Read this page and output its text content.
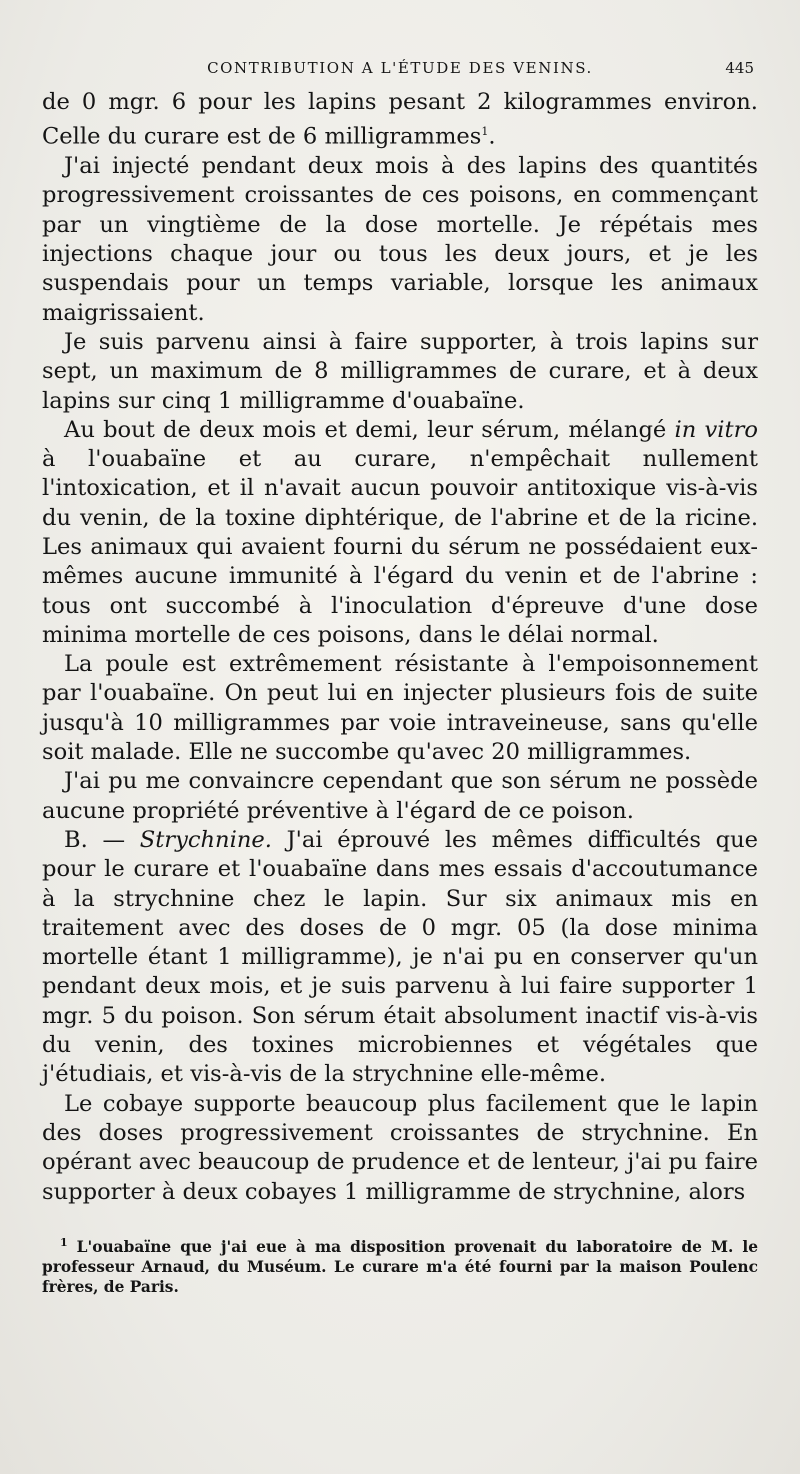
CONTRIBUTION A L'ÉTUDE DES VENINS.	445

de 0 mgr. 6 pour les lapins pesant 2 kilogrammes environ. Celle du curare est de 6 milligrammes$^1$.

J'ai injecté pendant deux mois à des lapins des quantités progressivement croissantes de ces poisons, en commençant par un vingtième de la dose mortelle. Je répétais mes injections chaque jour ou tous les deux jours, et je les suspendais pour un temps variable, lorsque les animaux maigrissaient.

Je suis parvenu ainsi à faire supporter, à trois lapins sur sept, un maximum de 8 milligrammes de curare, et à deux lapins sur cinq 1 milligramme d'ouabaïne.

Au bout de deux mois et demi, leur sérum, mélangé in vitro à l'ouabaïne et au curare, n'empêchait nullement l'intoxication, et il n'avait aucun pouvoir antitoxique vis-à-vis du venin, de la toxine diphtérique, de l'abrine et de la ricine. Les animaux qui avaient fourni du sérum ne possédaient eux-mêmes aucune immunité à l'égard du venin et de l'abrine : tous ont succombé à l'inoculation d'épreuve d'une dose minima mortelle de ces poisons, dans le délai normal.

La poule est extrêmement résistante à l'empoisonnement par l'ouabaïne. On peut lui en injecter plusieurs fois de suite jusqu'à 10 milligrammes par voie intraveineuse, sans qu'elle soit malade. Elle ne succombe qu'avec 20 milligrammes.

J'ai pu me convaincre cependant que son sérum ne possède aucune propriété préventive à l'égard de ce poison.

B. — Strychnine. J'ai éprouvé les mêmes difficultés que pour le curare et l'ouabaïne dans mes essais d'accoutumance à la strychnine chez le lapin. Sur six animaux mis en traitement avec des doses de 0 mgr. 05 (la dose minima mortelle étant 1 milligramme), je n'ai pu en conserver qu'un pendant deux mois, et je suis parvenu à lui faire supporter 1 mgr. 5 du poison. Son sérum était absolument inactif vis-à-vis du venin, des toxines microbiennes et végétales que j'étudiais, et vis-à-vis de la strychnine elle-même.

Le cobaye supporte beaucoup plus facilement que le lapin des doses progressivement croissantes de strychnine. En opérant avec beaucoup de prudence et de lenteur, j'ai pu faire supporter à deux cobayes 1 milligramme de strychnine, alors

$^1$ L'ouabaïne que j'ai eue à ma disposition provenait du laboratoire de M. le professeur Arnaud, du Muséum. Le curare m'a été fourni par la maison Poulenc frères, de Paris.
